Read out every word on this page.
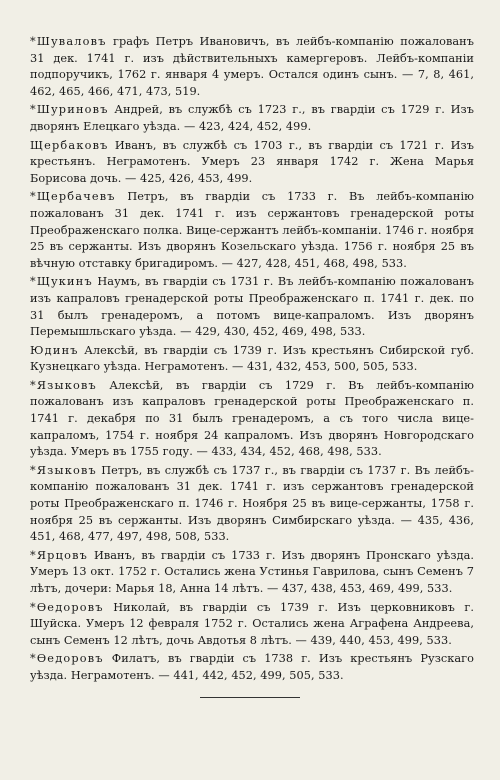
*Шуваловъ графъ Петръ Ивановичъ, въ лейбъ-компанію пожалованъ 31 дек. 1741 г. изъ дѣйствительныхъ камергеровъ. Лейбъ-компаніи подпоручикъ, 1762 г. января 4 умеръ. Остался одинъ сынъ. — 7, 8, 461, 462, 465, 466, 471, 473, 519.
*Шуриновъ Андрей, въ службѣ съ 1723 г., въ гвардіи съ 1729 г. Изъ дворянъ Елецкаго уѣзда. — 423, 424, 452, 499.
Щербаковъ Иванъ, въ службѣ съ 1703 г., въ гвардіи съ 1721 г. Изъ крестьянъ. Неграмотенъ. Умеръ 23 января 1742 г. Жена Марья Борисова дочь. — 425, 426, 453, 499.
*Щербачевъ Петръ, въ гвардіи съ 1733 г. Въ лейбъ-компанію пожалованъ 31 дек. 1741 г. изъ сержантовъ гренадерской роты Преображенскаго полка. Вице-сержантъ лейбъ-компаніи. 1746 г. ноября 25 въ сержанты. Изъ дворянъ Козельскаго уѣзда. 1756 г. ноября 25 въ вѣчную отставку бригадиромъ. — 427, 428, 451, 468, 498, 533.
*Щукинъ Наумъ, въ гвардіи съ 1731 г. Въ лейбъ-компанію пожалованъ изъ капраловъ гренадерской роты Преображенскаго п. 1741 г. дек. по 31 былъ гренадеромъ, а потомъ вице-капраломъ. Изъ дворянъ Перемышльскаго уѣзда. — 429, 430, 452, 469, 498, 533.
Юдинъ Алексѣй, въ гвардіи съ 1739 г. Изъ крестьянъ Сибирской губ. Кузнецкаго уѣзда. Неграмотенъ. — 431, 432, 453, 500, 505, 533.
*Языковъ Алексѣй, въ гвардіи съ 1729 г. Въ лейбъ-компанію пожалованъ изъ капраловъ гренадерской роты Преображенскаго п. 1741 г. декабря по 31 былъ гренадеромъ, а съ того числа вице-капраломъ, 1754 г. ноября 24 капраломъ. Изъ дворянъ Новгородскаго уѣзда. Умеръ въ 1755 году. — 433, 434, 452, 468, 498, 533.
*Языковъ Петръ, въ службѣ съ 1737 г., въ гвардіи съ 1737 г. Въ лейбъ-компанію пожалованъ 31 дек. 1741 г. изъ сержантовъ гренадерской роты Преображенскаго п. 1746 г. Ноября 25 въ вице-сержанты, 1758 г. ноября 25 въ сержанты. Изъ дворянъ Симбирскаго уѣзда. — 435, 436, 451, 468, 477, 497, 498, 508, 533.
*Ярцовъ Иванъ, въ гвардіи съ 1733 г. Изъ дворянъ Пронскаго уѣзда. Умеръ 13 окт. 1752 г. Остались жена Устинья Гаврилова, сынъ Семенъ 7 лѣтъ, дочери: Марья 18, Анна 14 лѣтъ. — 437, 438, 453, 469, 499, 533.
*Ѳедоровъ Николай, въ гвардіи съ 1739 г. Изъ церковниковъ г. Шуйска. Умеръ 12 февраля 1752 г. Остались жена Аграфена Андреева, сынъ Семенъ 12 лѣтъ, дочь Авдотья 8 лѣтъ. — 439, 440, 453, 499, 533.
*Ѳедоровъ Филатъ, въ гвардіи съ 1738 г. Изъ крестьянъ Рузскаго уѣзда. Неграмотенъ. — 441, 442, 452, 499, 505, 533.
